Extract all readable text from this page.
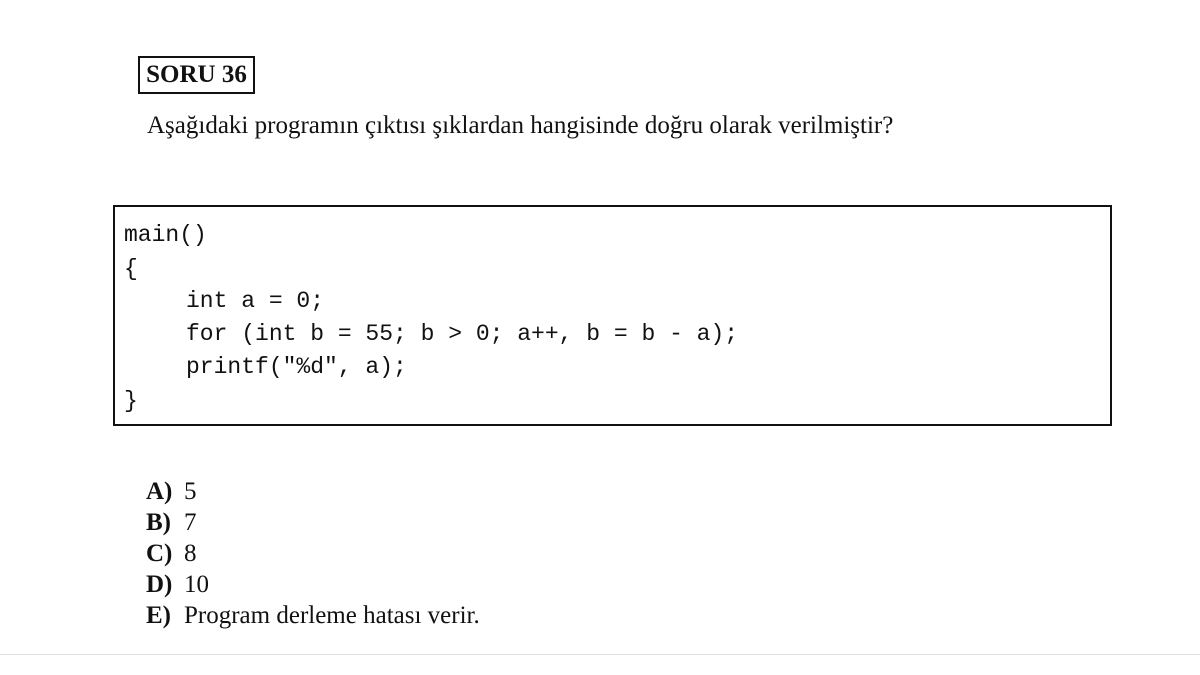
SORU 36
Aşağıdaki programın çıktısı şıklardan hangisinde doğru olarak verilmiştir?
main()
{
int a = 0;
for (int b = 55; b > 0; a++, b = b - a);
printf("%d", a);
}
A) 5
B) 7
C) 8
D) 10
E) Program derleme hatası verir.
